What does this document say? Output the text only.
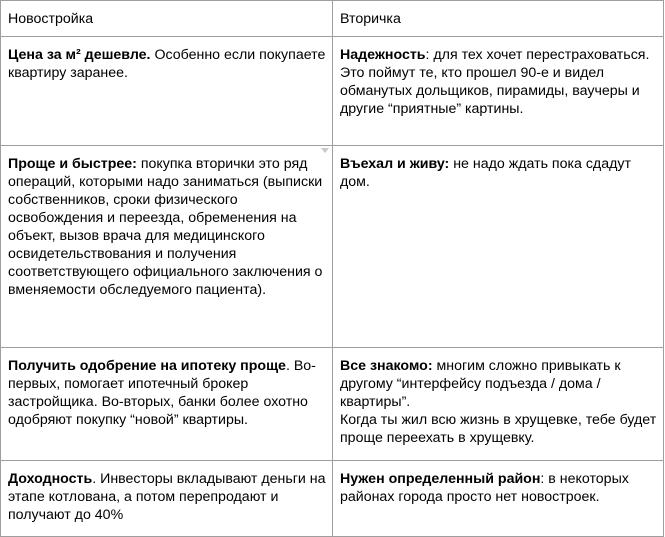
Новостройка	Вторичка

Цена за м² дешевле. Особенно если покупаете квартиру заранее.	Надежность: для тех хочет перестраховаться. Это поймут те, кто прошел 90-е и видел обманутых дольщиков, пирамиды, ваучеры и другие “приятные” картины.

Проще и быстрее: покупка вторички это ряд операций, которыми надо заниматься (выписки собственников, сроки физического освобождения и переезда, обременения на объект, вызов врача для медицинского освидетельствования и получения соответствующего официального заключения о вменяемости обследуемого пациента).	Въехал и живу: не надо ждать пока сдадут дом.

Получить одобрение на ипотеку проще. Во-первых, помогает ипотечный брокер застройщика. Во-вторых, банки более охотно одобряют покупку “новой” квартиры.	Все знакомо: многим сложно привыкать к другому “интерфейсу подъезда / дома / квартиры”.
Когда ты жил всю жизнь в хрущевке, тебе будет проще переехать в хрущевку.

Доходность. Инвесторы вкладывают деньги на этапе котлована, а потом перепродают и получают до 40%	Нужен определенный район: в некоторых районах города просто нет новостроек.
